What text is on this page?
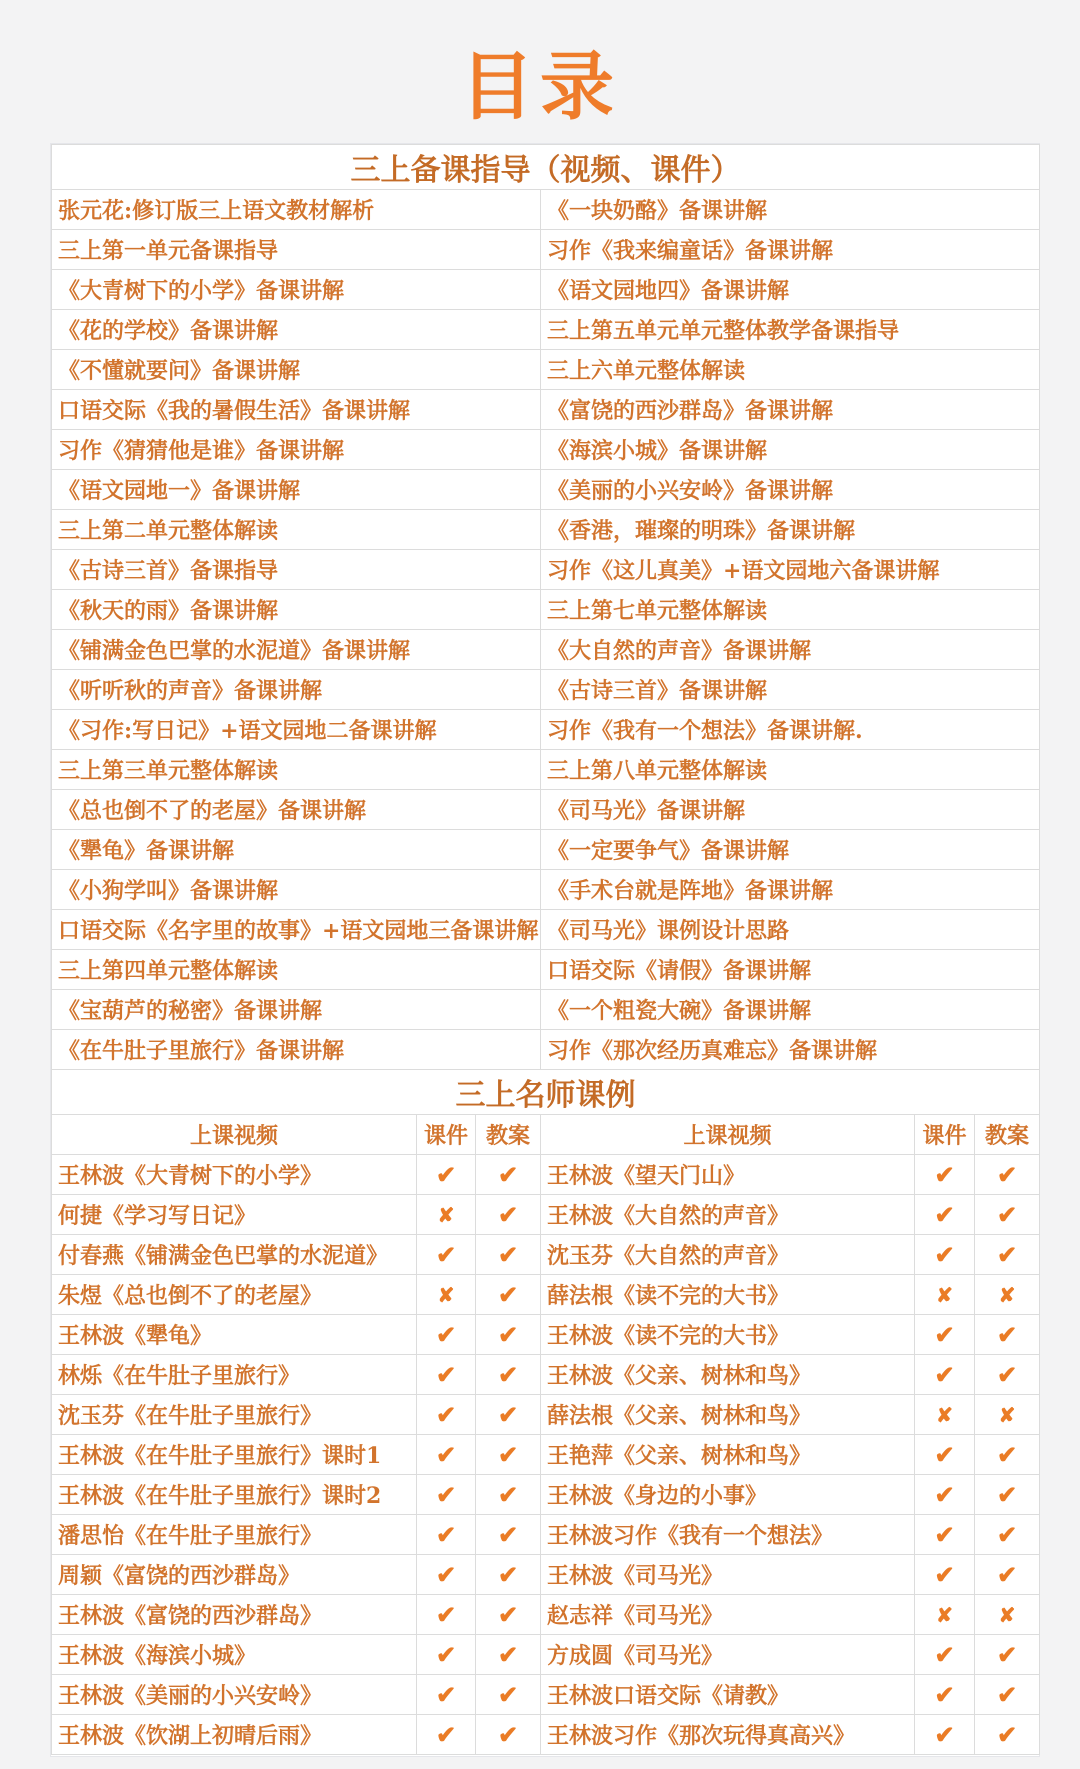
目录
三上备课指导（视频、课件）					
张元花:修订版三上语文教材解析			《一块奶酪》备课讲解		
三上第一单元备课指导			习作《我来编童话》备课讲解		
《大青树下的小学》备课讲解			《语文园地四》备课讲解		
《花的学校》备课讲解			三上第五单元单元整体教学备课指导		
《不懂就要问》备课讲解			三上六单元整体解读		
口语交际《我的暑假生活》备课讲解			《富饶的西沙群岛》备课讲解		
习作《猜猜他是谁》备课讲解			《海滨小城》备课讲解		
《语文园地一》备课讲解			《美丽的小兴安岭》备课讲解		
三上第二单元整体解读			《香港，璀璨的明珠》备课讲解		
《古诗三首》备课指导			习作《这儿真美》+语文园地六备课讲解		
《秋天的雨》备课讲解			三上第七单元整体解读		
《铺满金色巴掌的水泥道》备课讲解			《大自然的声音》备课讲解		
《听听秋的声音》备课讲解			《古诗三首》备课讲解		
《习作:写日记》+语文园地二备课讲解			习作《我有一个想法》备课讲解.		
三上第三单元整体解读			三上第八单元整体解读		
《总也倒不了的老屋》备课讲解			《司马光》备课讲解		
《犟龟》备课讲解			《一定要争气》备课讲解		
《小狗学叫》备课讲解			《手术台就是阵地》备课讲解		
口语交际《名字里的故事》+语文园地三备课讲解			《司马光》课例设计思路		
三上第四单元整体解读			口语交际《请假》备课讲解		
《宝葫芦的秘密》备课讲解			《一个粗瓷大碗》备课讲解		
《在牛肚子里旅行》备课讲解			习作《那次经历真难忘》备课讲解		
三上名师课例					
上课视频	课件	教案	上课视频	课件	教案
王林波《大青树下的小学》	✔	✔	王林波《望天门山》	✔	✔
何捷《学习写日记》	✘	✔	王林波《大自然的声音》	✔	✔
付春燕《铺满金色巴掌的水泥道》	✔	✔	沈玉芬《大自然的声音》	✔	✔
朱煜《总也倒不了的老屋》	✘	✔	薛法根《读不完的大书》	✘	✘
王林波《犟龟》	✔	✔	王林波《读不完的大书》	✔	✔
林烁《在牛肚子里旅行》	✔	✔	王林波《父亲、树林和鸟》	✔	✔
沈玉芬《在牛肚子里旅行》	✔	✔	薛法根《父亲、树林和鸟》	✘	✘
王林波《在牛肚子里旅行》课时1	✔	✔	王艳萍《父亲、树林和鸟》	✔	✔
王林波《在牛肚子里旅行》课时2	✔	✔	王林波《身边的小事》	✔	✔
潘思怡《在牛肚子里旅行》	✔	✔	王林波习作《我有一个想法》	✔	✔
周颖《富饶的西沙群岛》	✔	✔	王林波《司马光》	✔	✔
王林波《富饶的西沙群岛》	✔	✔	赵志祥《司马光》	✘	✘
王林波《海滨小城》	✔	✔	方成圆《司马光》	✔	✔
王林波《美丽的小兴安岭》	✔	✔	王林波口语交际《请教》	✔	✔
王林波《饮湖上初晴后雨》	✔	✔	王林波习作《那次玩得真高兴》	✔	✔
